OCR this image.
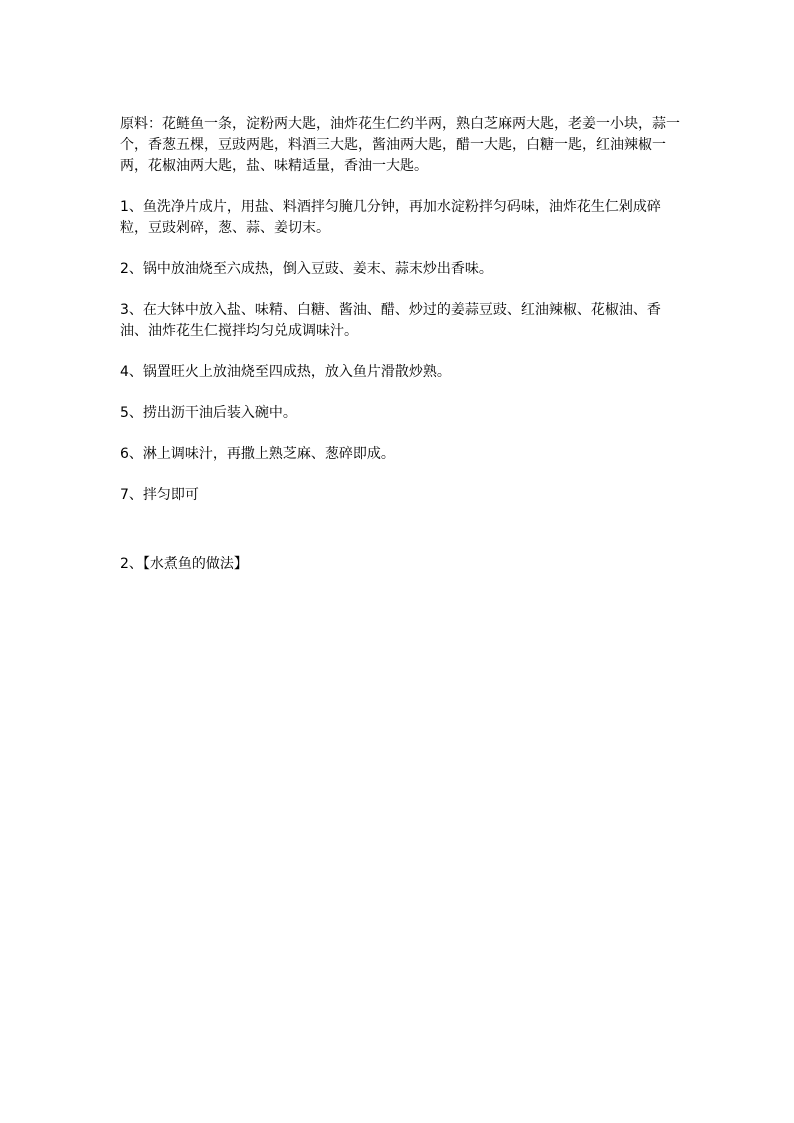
原料：花鲢鱼一条，淀粉两大匙，油炸花生仁约半两，熟白芝麻两大匙，老姜一小块，蒜一个，香葱五棵，豆豉两匙，料酒三大匙，酱油两大匙，醋一大匙，白糖一匙，红油辣椒一两，花椒油两大匙，盐、味精适量，香油一大匙。

1、鱼洗净片成片，用盐、料酒拌匀腌几分钟，再加水淀粉拌匀码味，油炸花生仁剁成碎粒，豆豉剁碎，葱、蒜、姜切末。

2、锅中放油烧至六成热，倒入豆豉、姜末、蒜末炒出香味。

3、在大钵中放入盐、味精、白糖、酱油、醋、炒过的姜蒜豆豉、红油辣椒、花椒油、香油、油炸花生仁搅拌均匀兑成调味汁。

4、锅置旺火上放油烧至四成热，放入鱼片滑散炒熟。

5、捞出沥干油后装入碗中。

6、淋上调味汁，再撒上熟芝麻、葱碎即成。

7、拌匀即可

2、【水煮鱼的做法】
